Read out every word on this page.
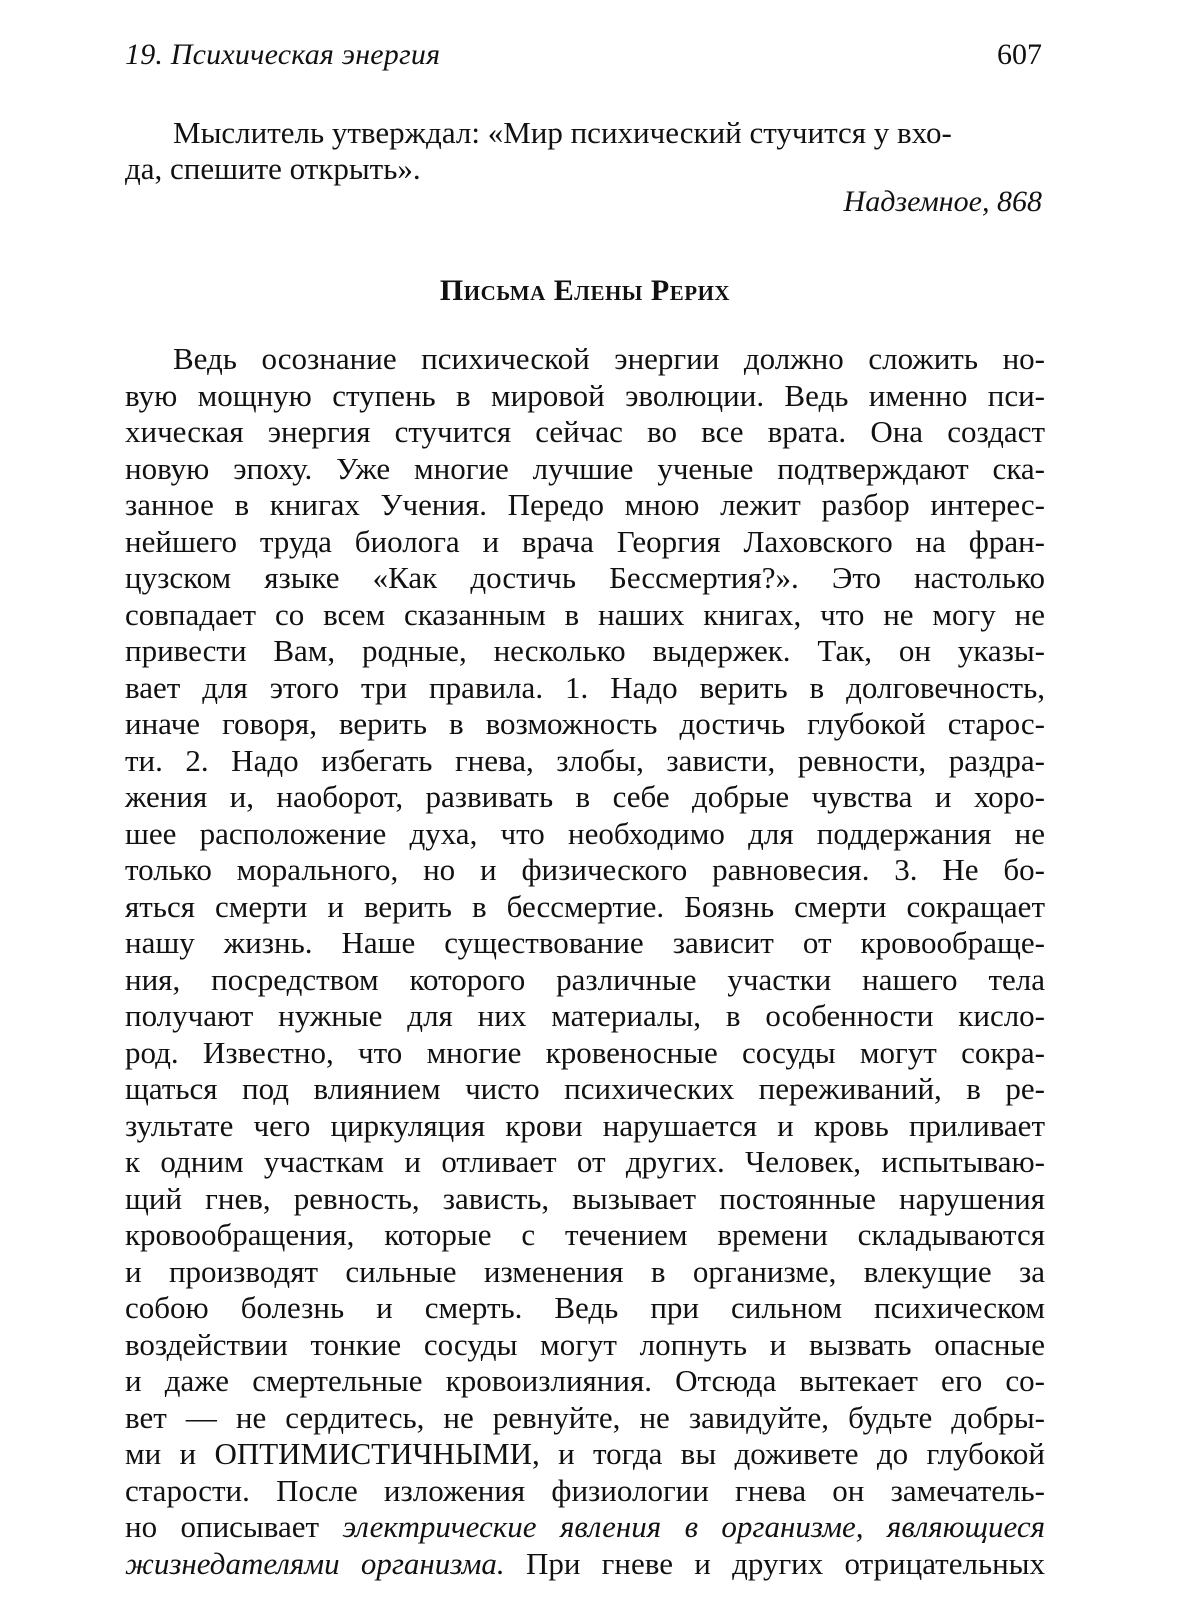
19. Психическая энергия	607
Мыслитель утверждал: «Мир психический стучится у вхо-
да, спешите открыть».
Надземное, 868
Письма Елены Рерих
Ведь осознание психической энергии должно сложить но-
вую мощную ступень в мировой эволюции. Ведь именно пси-
хическая энергия стучится сейчас во все врата. Она создаст
новую эпоху. Уже многие лучшие ученые подтверждают ска-
занное в книгах Учения. Передо мною лежит разбор интерес-
нейшего труда биолога и врача Георгия Лаховского на фран-
цузском языке «Как достичь Бессмертия?». Это настолько
совпадает со всем сказанным в наших книгах, что не могу не
привести Вам, родные, несколько выдержек. Так, он указы-
вает для этого три правила. 1. Надо верить в долговечность,
иначе говоря, верить в возможность достичь глубокой старос-
ти. 2. Надо избегать гнева, злобы, зависти, ревности, раздра-
жения и, наоборот, развивать в себе добрые чувства и хоро-
шее расположение духа, что необходимо для поддержания не
только морального, но и физического равновесия. 3. Не бо-
яться смерти и верить в бессмертие. Боязнь смерти сокращает
нашу жизнь. Наше существование зависит от кровообраще-
ния, посредством которого различные участки нашего тела
получают нужные для них материалы, в особенности кисло-
род. Известно, что многие кровеносные сосуды могут сокра-
щаться под влиянием чисто психических переживаний, в ре-
зультате чего циркуляция крови нарушается и кровь приливает
к одним участкам и отливает от других. Человек, испытываю-
щий гнев, ревность, зависть, вызывает постоянные нарушения
кровообращения, которые с течением времени складываются
и производят сильные изменения в организме, влекущие за
собою болезнь и смерть. Ведь при сильном психическом
воздействии тонкие сосуды могут лопнуть и вызвать опасные
и даже смертельные кровоизлияния. Отсюда вытекает его со-
вет — не сердитесь, не ревнуйте, не завидуйте, будьте добры-
ми и ОПТИМИСТИЧНЫМИ, и тогда вы доживете до глубокой
старости. После изложения физиологии гнева он замечатель-
но описывает электрические явления в организме, являющиеся
жизнедателями организма. При гневе и других отрицательных
